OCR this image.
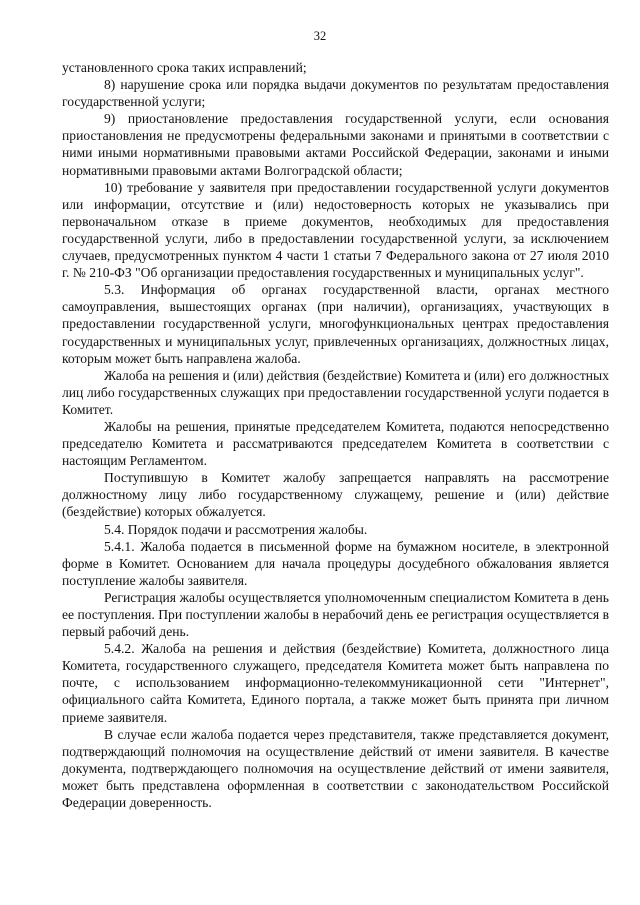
32

установленного срока таких исправлений;

8) нарушение срока или порядка выдачи документов по результатам предоставления государственной услуги;

9) приостановление предоставления государственной услуги, если основания приостановления не предусмотрены федеральными законами и принятыми в соответствии с ними иными нормативными правовыми актами Российской Федерации, законами и иными нормативными правовыми актами Волгоградской области;

10) требование у заявителя при предоставлении государственной услуги документов или информации, отсутствие и (или) недостоверность которых не указывались при первоначальном отказе в приеме документов, необходимых для предоставления государственной услуги, либо в предоставлении государственной услуги, за исключением случаев, предусмотренных пунктом 4 части 1 статьи 7 Федерального закона от 27 июля 2010 г. № 210-ФЗ "Об организации предоставления государственных и муниципальных услуг".

5.3. Информация об органах государственной власти, органах местного самоуправления, вышестоящих органах (при наличии), организациях, участвующих в предоставлении государственной услуги, многофункциональных центрах предоставления государственных и муниципальных услуг, привлеченных организациях, должностных лицах, которым может быть направлена жалоба.

Жалоба на решения и (или) действия (бездействие) Комитета и (или) его должностных лиц либо государственных служащих при предоставлении государственной услуги подается в Комитет.

Жалобы на решения, принятые председателем Комитета, подаются непосредственно председателю Комитета и рассматриваются председателем Комитета в соответствии с настоящим Регламентом.

Поступившую в Комитет жалобу запрещается направлять на рассмотрение должностному лицу либо государственному служащему, решение и (или) действие (бездействие) которых обжалуется.

5.4. Порядок подачи и рассмотрения жалобы.

5.4.1. Жалоба подается в письменной форме на бумажном носителе, в электронной форме в Комитет. Основанием для начала процедуры досудебного обжалования является поступление жалобы заявителя.

Регистрация жалобы осуществляется уполномоченным специалистом Комитета в день ее поступления. При поступлении жалобы в нерабочий день ее регистрация осуществляется в первый рабочий день.

5.4.2. Жалоба на решения и действия (бездействие) Комитета, должностного лица Комитета, государственного служащего, председателя Комитета может быть направлена по почте, с использованием информационно-телекоммуникационной сети "Интернет", официального сайта Комитета, Единого портала, а также может быть принята при личном приеме заявителя.

В случае если жалоба подается через представителя, также представляется документ, подтверждающий полномочия на осуществление действий от имени заявителя. В качестве документа, подтверждающего полномочия на осуществление действий от имени заявителя, может быть представлена оформленная в соответствии с законодательством Российской Федерации доверенность.
